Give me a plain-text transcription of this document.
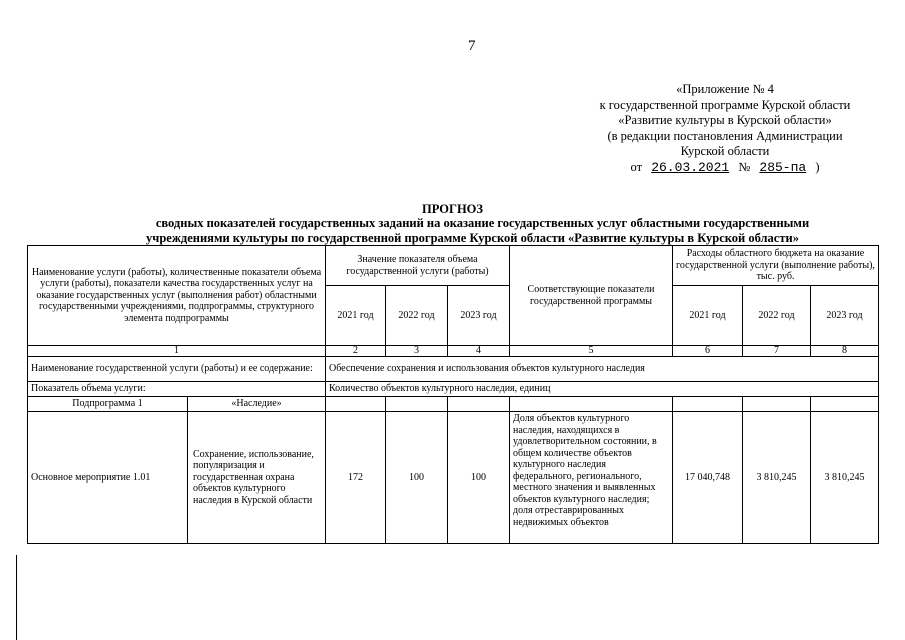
7
«Приложение № 4
к государственной программе Курской области
«Развитие культуры в Курской области»
(в редакции постановления Администрации
Курской области
от 26.03.2021 № 285-па )
ПРОГНОЗ
сводных показателей государственных заданий на оказание государственных услуг областными государственными
учреждениями культуры по государственной программе Курской области «Развитие культуры в Курской области»
Наименование услуги (работы), количественные показатели объема услуги (работы), показатели качества государственных услуг на оказание государственных услуг (выполнения работ) областными государственными учреждениями, подпрограммы, структурного элемента подпрограммы		Значение показателя объема государственной услуги (работы)			Соответствующие показатели государственной программы	Расходы областного бюджета на оказание государственной услуги (выполнение работы), тыс. руб.		
		2021 год	2022 год	2023 год		2021 год	2022 год	2023 год
1		2	3	4	5	6	7	8
Наименование государственной услуги (работы) и ее содержание:		Обеспечение сохранения и использования объектов культурного наследия						
Показатель объема услуги:		Количество объектов культурного наследия, единиц						
Подпрограмма 1	«Наследие»							
Основное мероприятие 1.01	Сохранение, использование, популяризация и государственная охрана объектов культурного наследия в Курской области	172	100	100	Доля объектов культурного наследия, находящихся в удовлетворительном состоянии, в общем количестве объектов культурного наследия федерального, регионального, местного значения и выявленных объектов культурного наследия; доля отреставрированных недвижимых объектов	17 040,748	3 810,245	3 810,245
